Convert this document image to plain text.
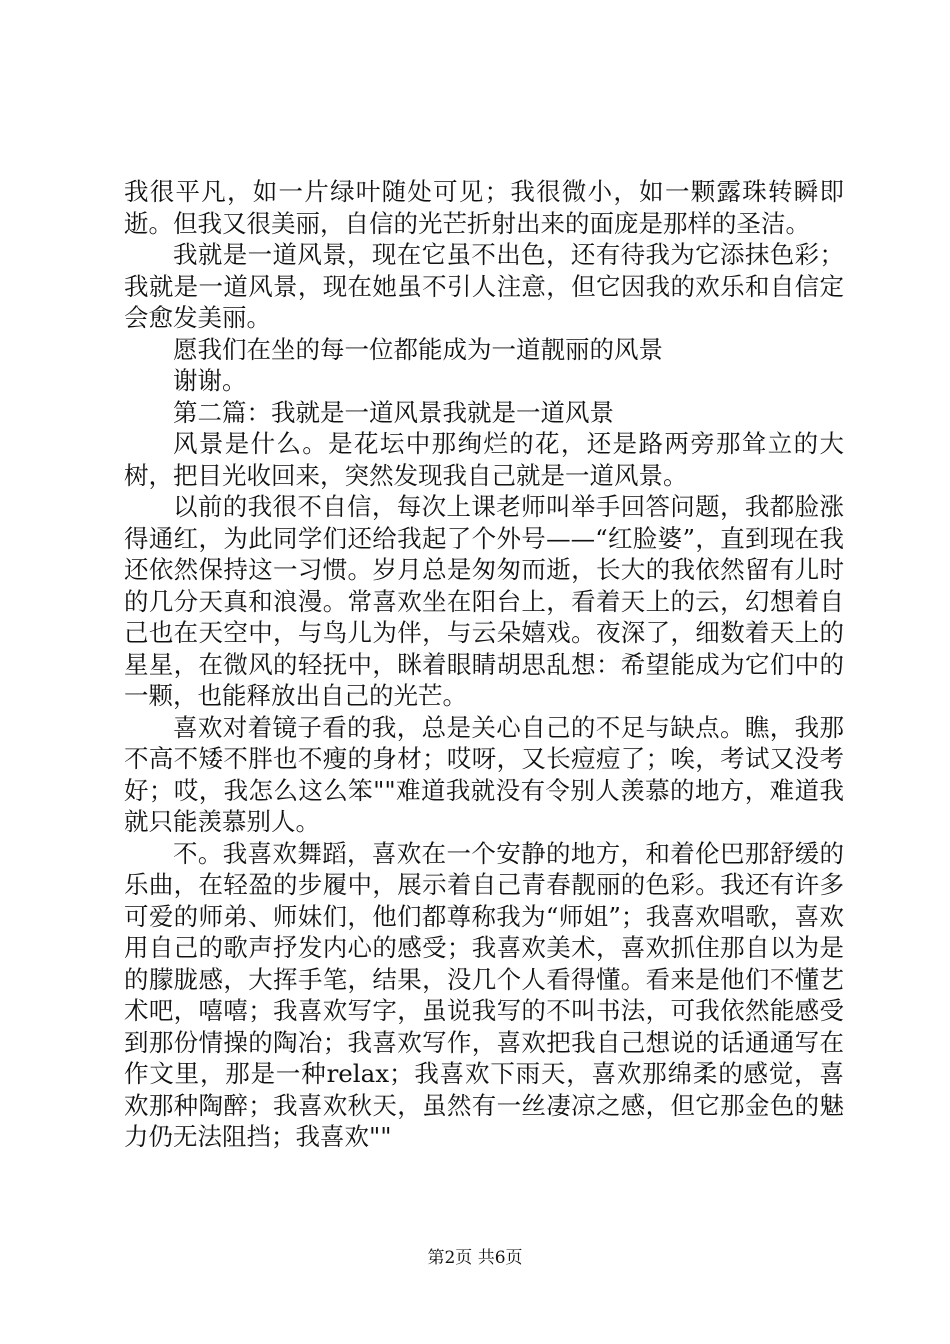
我很平凡，如一片绿叶随处可见；我很微小，如一颗露珠转瞬即逝。但我又很美丽，自信的光芒折射出来的面庞是那样的圣洁。

我就是一道风景，现在它虽不出色，还有待我为它添抹色彩；我就是一道风景，现在她虽不引人注意，但它因我的欢乐和自信定会愈发美丽。

愿我们在坐的每一位都能成为一道靓丽的风景

谢谢。

第二篇：我就是一道风景我就是一道风景

风景是什么。是花坛中那绚烂的花，还是路两旁那耸立的大树，把目光收回来，突然发现我自己就是一道风景。

以前的我很不自信，每次上课老师叫举手回答问题，我都脸涨得通红，为此同学们还给我起了个外号——“红脸婆”，直到现在我还依然保持这一习惯。岁月总是匆匆而逝，长大的我依然留有儿时的几分天真和浪漫。常喜欢坐在阳台上，看着天上的云，幻想着自己也在天空中，与鸟儿为伴，与云朵嬉戏。夜深了，细数着天上的星星，在微风的轻抚中，眯着眼睛胡思乱想：希望能成为它们中的一颗，也能释放出自己的光芒。

喜欢对着镜子看的我，总是关心自己的不足与缺点。瞧，我那不高不矮不胖也不瘦的身材；哎呀，又长痘痘了；唉，考试又没考好；哎，我怎么这么笨""难道我就没有令别人羡慕的地方，难道我就只能羡慕别人。

不。我喜欢舞蹈，喜欢在一个安静的地方，和着伦巴那舒缓的乐曲，在轻盈的步履中，展示着自己青春靓丽的色彩。我还有许多可爱的师弟、师妹们，他们都尊称我为“师姐”；我喜欢唱歌，喜欢用自己的歌声抒发内心的感受；我喜欢美术，喜欢抓住那自以为是的朦胧感，大挥手笔，结果，没几个人看得懂。看来是他们不懂艺术吧，嘻嘻；我喜欢写字，虽说我写的不叫书法，可我依然能感受到那份情操的陶冶；我喜欢写作，喜欢把我自己想说的话通通写在作文里，那是一种relax；我喜欢下雨天，喜欢那绵柔的感觉，喜欢那种陶醉；我喜欢秋天，虽然有一丝凄凉之感，但它那金色的魅力仍无法阻挡；我喜欢""

第2页 共6页
